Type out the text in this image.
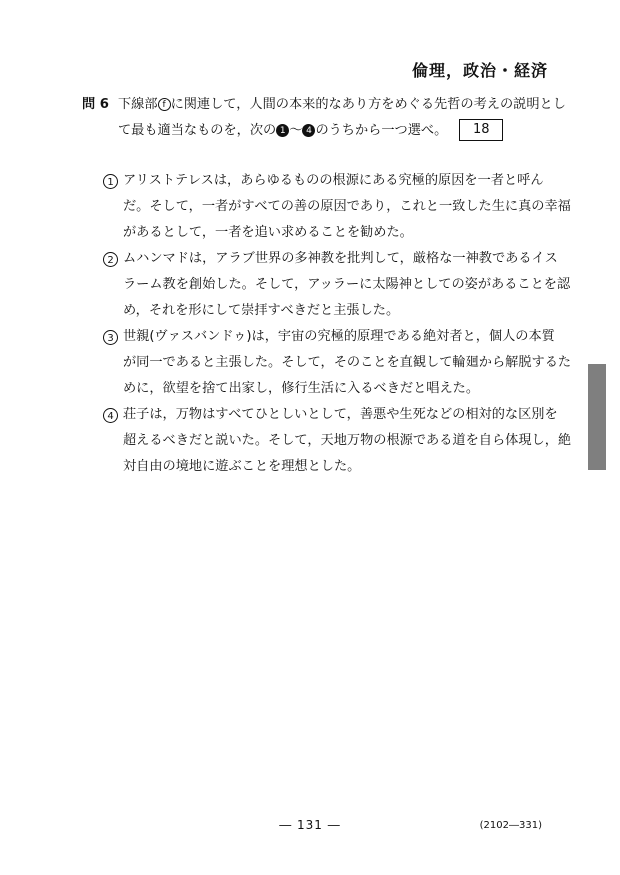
倫理，政治・経済
問 6 下線部 f に関連して，人間の本来的なあり方をめぐる先哲の考えの説明とし
て最も適当なものを，次の 1 ～ 4 のうちから一つ選べ。 18
1 アリストテレスは，あらゆるものの根源にある究極的原因を一者と呼ん
だ。そして，一者がすべての善の原因であり，これと一致した生に真の幸福
があるとして，一者を追い求めることを勧めた。
2 ムハンマドは，アラブ世界の多神教を批判して，厳格な一神教であるイス
ラーム教を創始した。そして，アッラーに太陽神としての姿があることを認
め，それを形にして崇拝すべきだと主張した。
3 世親(ヴァスバンドゥ)は，宇宙の究極的原理である絶対者と，個人の本質
が同一であると主張した。そして，そのことを直観して輪廻から解脱するた
めに，欲望を捨て出家し，修行生活に入るべきだと唱えた。
4 荘子は，万物はすべてひとしいとして，善悪や生死などの相対的な区別を
超えるべきだと説いた。そして，天地万物の根源である道を自ら体現し，絶
対自由の境地に遊ぶことを理想とした。
― 131 ―	(2102―331)
